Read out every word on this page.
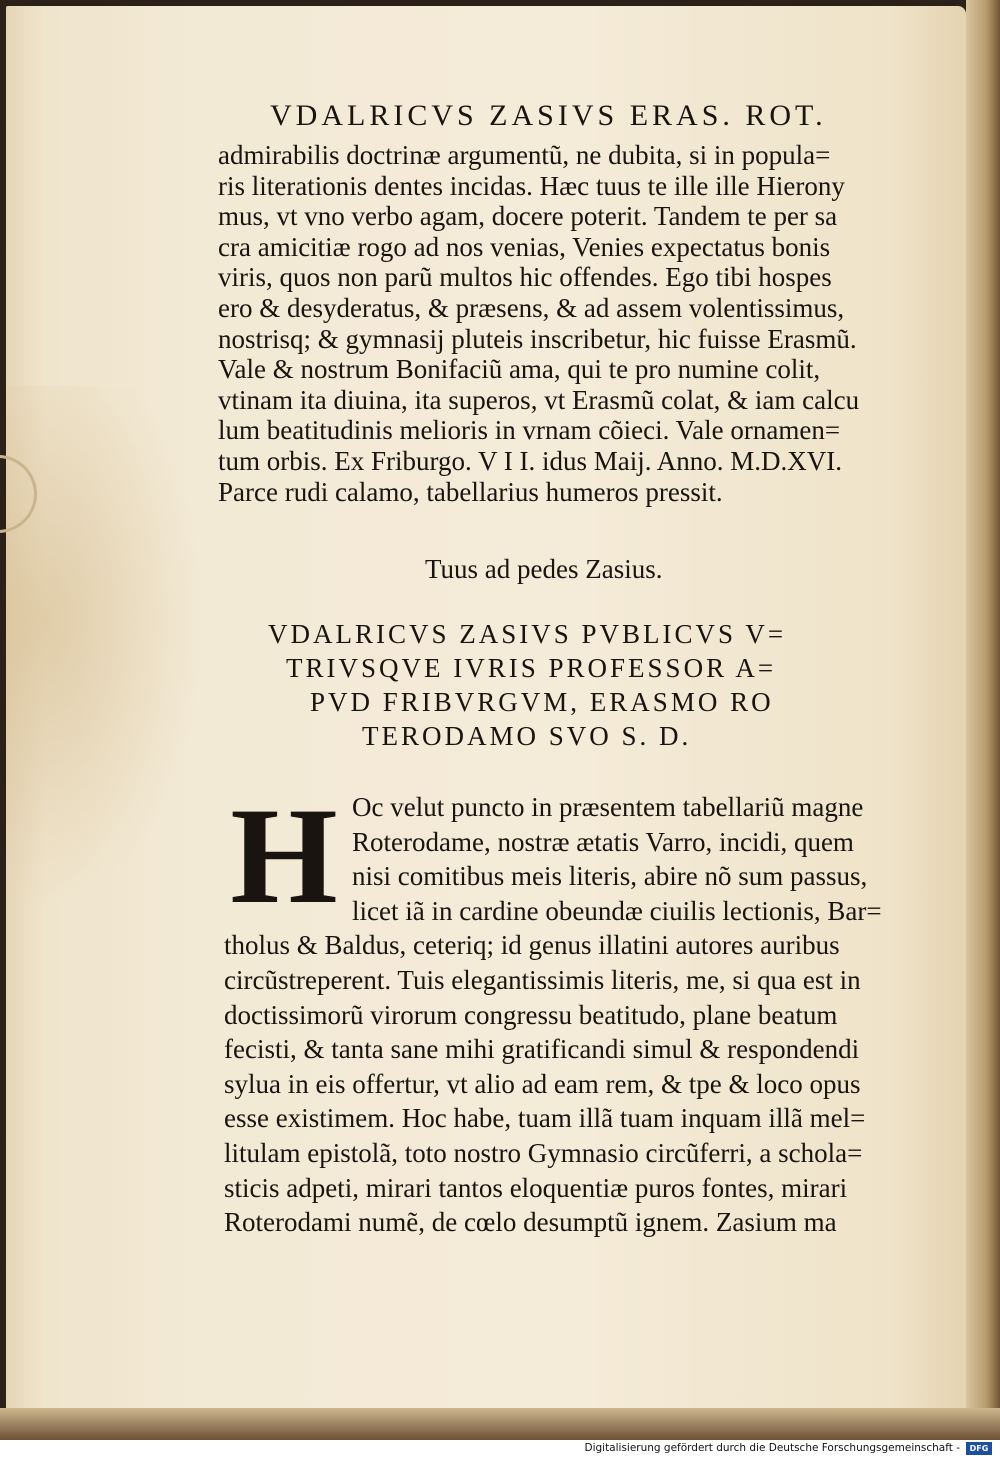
VDALRICVS ZASIVS ERAS. ROT.
admirabilis doctrinæ argumentũ, ne dubita, si in popula=
ris literationis dentes incidas. Hæc tuus te ille ille Hierony
mus, vt vno verbo agam, docere poterit. Tandem te per sa
cra amicitiæ rogo ad nos venias, Venies expectatus bonis
viris, quos non parũ multos hic offendes. Ego tibi hospes
ero & desyderatus, & præsens, & ad assem volentissimus,
nostrisq; & gymnasij pluteis inscribetur, hic fuisse Erasmũ.
Vale & nostrum Bonifaciũ ama, qui te pro numine colit,
vtinam ita diuina, ita superos, vt Erasmũ colat, & iam calcu
lum beatitudinis melioris in vrnam cõieci. Vale ornamen=
tum orbis. Ex Friburgo. V I I. idus Maij. Anno. M.D.XVI.
Parce rudi calamo, tabellarius humeros pressit.
Tuus ad pedes Zasius.
VDALRICVS ZASIVS PVBLICVS V=
TRIVSQVE IVRIS PROFESSOR A=
PVD FRIBVRGVM, ERASMO RO
TERODAMO SVO S. D.
H Oc velut puncto in præsentem tabellariũ magne
Roterodame, nostræ ætatis Varro, incidi, quem
nisi comitibus meis literis, abire nõ sum passus,
licet iã in cardine obeundæ ciuilis lectionis, Bar=
tholus & Baldus, ceteriq; id genus illatini autores auribus
circũstreperent. Tuis elegantissimis literis, me, si qua est in
doctissimorũ virorum congressu beatitudo, plane beatum
fecisti, & tanta sane mihi gratificandi simul & respondendi
sylua in eis offertur, vt alio ad eam rem, & tpe & loco opus
esse existimem. Hoc habe, tuam illã tuam inquam illã mel=
litulam epistolã, toto nostro Gymnasio circũferri, a schola=
sticis adpeti, mirari tantos eloquentiæ puros fontes, mirari
Roterodami numẽ, de cœlo desumptũ ignem. Zasium ma
Digitalisierung gefördert durch die Deutsche Forschungsgemeinschaft -	DFG
